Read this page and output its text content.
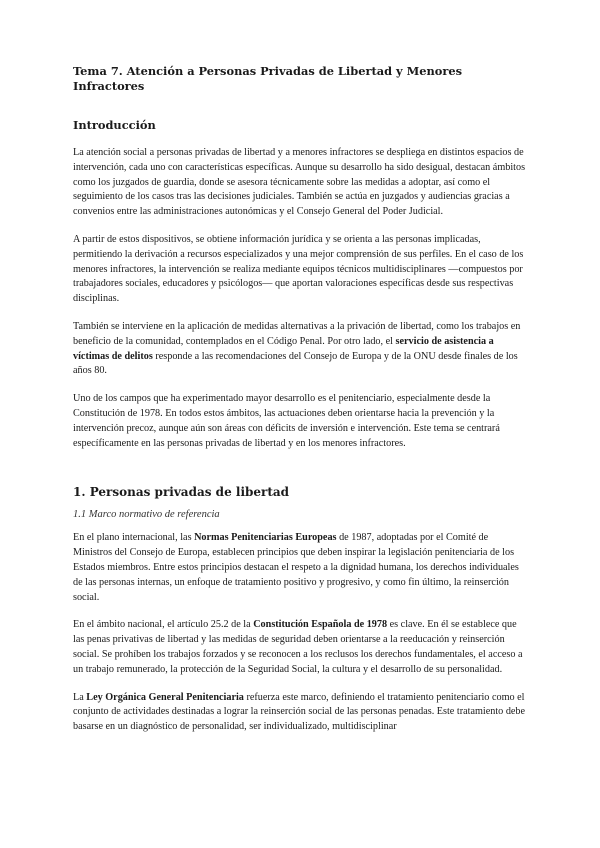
Tema 7. Atención a Personas Privadas de Libertad y Menores Infractores
Introducción

La atención social a personas privadas de libertad y a menores infractores se despliega en distintos espacios de intervención, cada uno con características específicas. Aunque su desarrollo ha sido desigual, destacan ámbitos como los juzgados de guardia, donde se asesora técnicamente sobre las medidas a adoptar, así como el seguimiento de los casos tras las decisiones judiciales. También se actúa en juzgados y audiencias gracias a convenios entre las administraciones autonómicas y el Consejo General del Poder Judicial.

A partir de estos dispositivos, se obtiene información jurídica y se orienta a las personas implicadas, permitiendo la derivación a recursos especializados y una mejor comprensión de sus perfiles. En el caso de los menores infractores, la intervención se realiza mediante equipos técnicos multidisciplinares —compuestos por trabajadores sociales, educadores y psicólogos— que aportan valoraciones específicas desde sus respectivas disciplinas.

También se interviene en la aplicación de medidas alternativas a la privación de libertad, como los trabajos en beneficio de la comunidad, contemplados en el Código Penal. Por otro lado, el servicio de asistencia a víctimas de delitos responde a las recomendaciones del Consejo de Europa y de la ONU desde finales de los años 80.

Uno de los campos que ha experimentado mayor desarrollo es el penitenciario, especialmente desde la Constitución de 1978. En todos estos ámbitos, las actuaciones deben orientarse hacia la prevención y la intervención precoz, aunque aún son áreas con déficits de inversión e intervención. Este tema se centrará específicamente en las personas privadas de libertad y en los menores infractores.

1. Personas privadas de libertad
1.1 Marco normativo de referencia

En el plano internacional, las Normas Penitenciarias Europeas de 1987, adoptadas por el Comité de Ministros del Consejo de Europa, establecen principios que deben inspirar la legislación penitenciaria de los Estados miembros. Entre estos principios destacan el respeto a la dignidad humana, los derechos individuales de las personas internas, un enfoque de tratamiento positivo y progresivo, y como fin último, la reinserción social.

En el ámbito nacional, el artículo 25.2 de la Constitución Española de 1978 es clave. En él se establece que las penas privativas de libertad y las medidas de seguridad deben orientarse a la reeducación y reinserción social. Se prohíben los trabajos forzados y se reconocen a los reclusos los derechos fundamentales, el acceso a un trabajo remunerado, la protección de la Seguridad Social, la cultura y el desarrollo de su personalidad.

La Ley Orgánica General Penitenciaria refuerza este marco, definiendo el tratamiento penitenciario como el conjunto de actividades destinadas a lograr la reinserción social de las personas penadas. Este tratamiento debe basarse en un diagnóstico de personalidad, ser individualizado, multidisciplinar
